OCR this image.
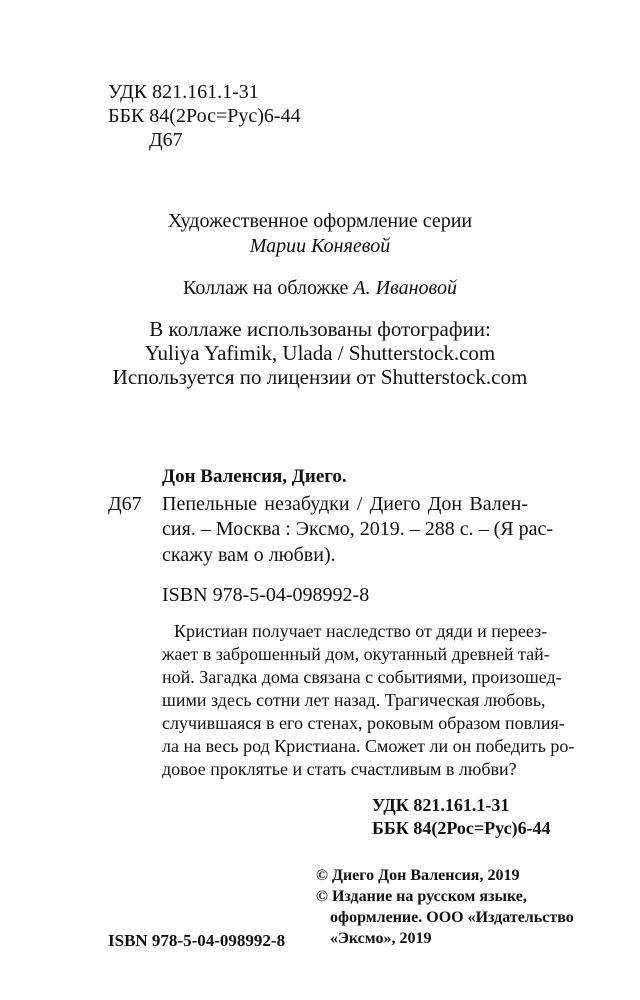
УДК 821.161.1-31
ББК 84(2Рос=Рус)6-44
Д67
Художественное оформление серии
Марии Коняевой
Коллаж на обложке А. Ивановой
В коллаже использованы фотографии:
Yuliya Yafimik, Ulada / Shutterstock.com
Используется по лицензии от Shutterstock.com
Дон Валенсия, Диего.
Д67 Пепельные незабудки / Диего Дон Вален-
сия. – Москва : Эксмо, 2019. – 288 с. – (Я рас-
скажу вам о любви).
ISBN 978-5-04-098992-8
Кристиан получает наследство от дяди и переез-
жает в заброшенный дом, окутанный древней тай-
ной. Загадка дома связана с событиями, произошед-
шими здесь сотни лет назад. Трагическая любовь,
случившаяся в его стенах, роковым образом повлия-
ла на весь род Кристиана. Сможет ли он победить ро-
довое проклятье и стать счастливым в любви?
УДК 821.161.1-31
ББК 84(2Рос=Рус)6-44
© Диего Дон Валенсия, 2019
© Издание на русском языке,
оформление. ООО «Издательство
«Эксмо», 2019
ISBN 978-5-04-098992-8
